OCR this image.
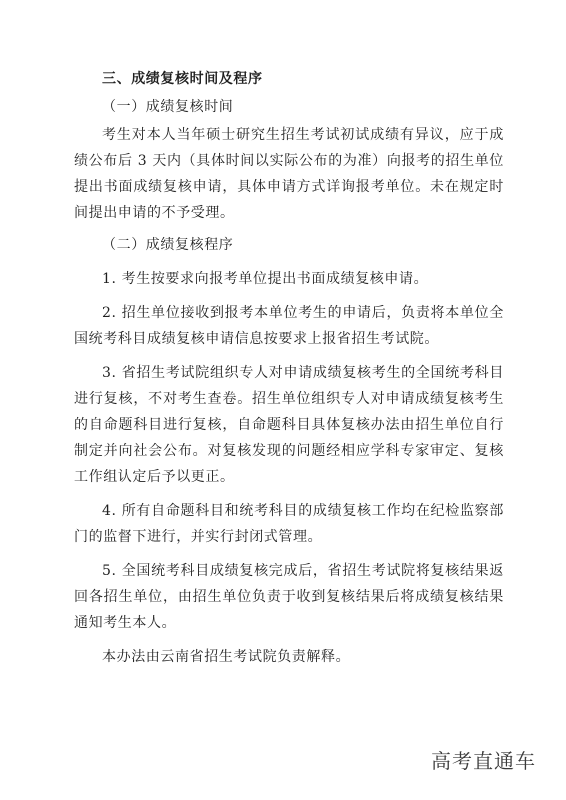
三、成绩复核时间及程序

（一）成绩复核时间

考生对本人当年硕士研究生招生考试初试成绩有异议，应于成绩公布后 3 天内（具体时间以实际公布的为准）向报考的招生单位提出书面成绩复核申请，具体申请方式详询报考单位。未在规定时间提出申请的不予受理。

（二）成绩复核程序

1. 考生按要求向报考单位提出书面成绩复核申请。

2. 招生单位接收到报考本单位考生的申请后，负责将本单位全国统考科目成绩复核申请信息按要求上报省招生考试院。

3. 省招生考试院组织专人对申请成绩复核考生的全国统考科目进行复核，不对考生查卷。招生单位组织专人对申请成绩复核考生的自命题科目进行复核，自命题科目具体复核办法由招生单位自行制定并向社会公布。对复核发现的问题经相应学科专家审定、复核工作组认定后予以更正。

4. 所有自命题科目和统考科目的成绩复核工作均在纪检监察部门的监督下进行，并实行封闭式管理。

5. 全国统考科目成绩复核完成后，省招生考试院将复核结果返回各招生单位，由招生单位负责于收到复核结果后将成绩复核结果通知考生本人。

本办法由云南省招生考试院负责解释。

高考直通车
